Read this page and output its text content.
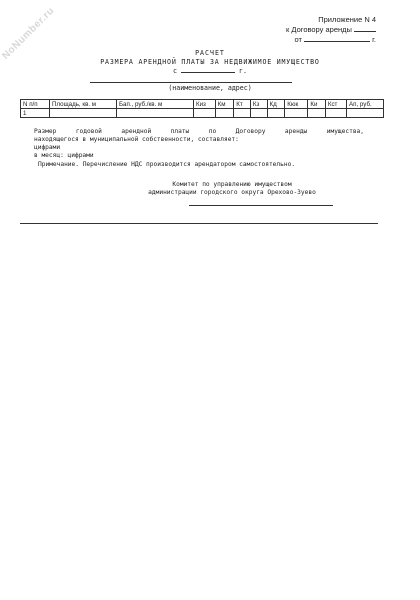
NoNumber.ru	Приложение N 4
к Договору аренды
от	г.
РАСЧЕТ
РАЗМЕРА АРЕНДНОЙ ПЛАТЫ ЗА НЕДВИЖИМОЕ ИМУЩЕСТВО
с	г.
(наименование, адрес)
N п/п	Площадь, кв. м	Бап., руб./кв. м	Киз	Км	Кт	Кз	Кд	Кюк	Ки	Кст	Ап, руб.
1											
Размер годовой арендной платы по Договору аренды имущества,
находящегося в муниципальной собственности, составляет:
цифрами
в месяц: цифрами
Примечание. Перечисление НДС производится арендатором самостоятельно.
Комитет по управлению имуществом
администрации городского округа Орехово-Зуево
